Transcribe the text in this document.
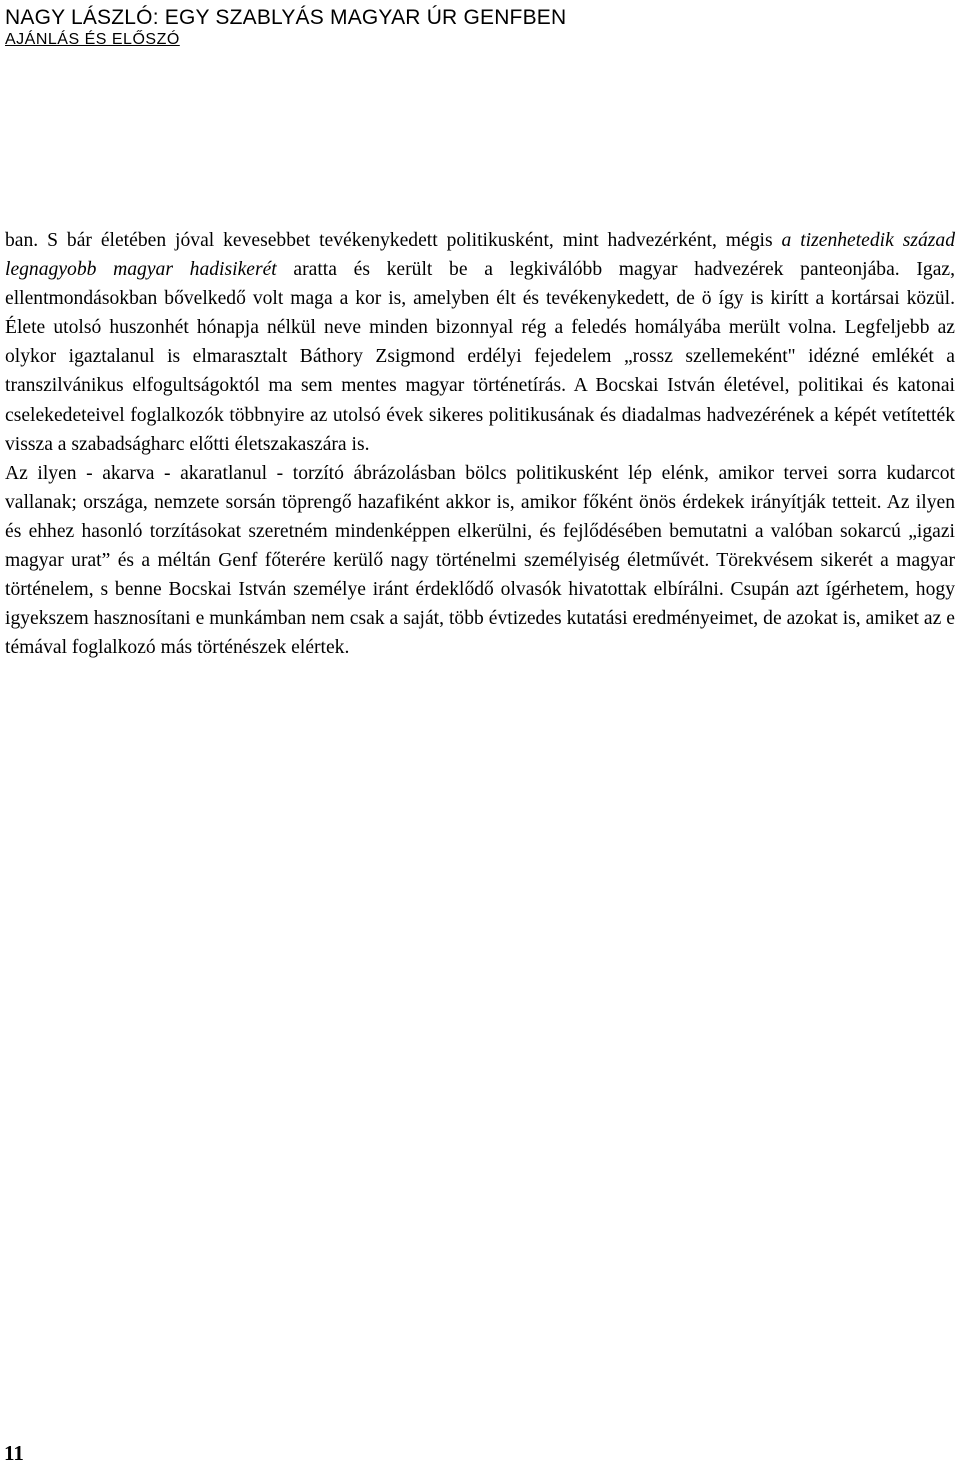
NAGY LÁSZLÓ: EGY SZABLYÁS MAGYAR ÚR GENFBEN
AJÁNLÁS ÉS ELŐSZÓ

ban. S bár életében jóval kevesebbet tevékenykedett politikusként, mint hadvezérként, mégis a tizenhetedik század legnagyobb magyar hadisikerét aratta és került be a legkiválóbb magyar hadvezérek panteonjába. Igaz, ellentmondásokban bővelkedő volt maga a kor is, amelyben élt és tevékenykedett, de ö így is kirítt a kortársai közül. Élete utolsó huszonhét hónapja nélkül neve minden bizonnyal rég a feledés homályába merült volna. Legfeljebb az olykor igaztalanul is elmarasztalt Báthory Zsigmond erdélyi fejedelem „rossz szellemeként" idézné emlékét a transzilvánikus elfogultságoktól ma sem mentes magyar történetírás. A Bocskai István életével, politikai és katonai cselekedeteivel foglalkozók többnyire az utolsó évek sikeres politikusának és diadalmas hadvezérének a képét vetítették vissza a szabadságharc előtti életszakaszára is.

Az ilyen - akarva - akaratlanul - torzító ábrázolásban bölcs politikusként lép elénk, amikor tervei sorra kudarcot vallanak; országa, nemzete sorsán töprengő hazafiként akkor is, amikor főként önös érdekek irányítják tetteit. Az ilyen és ehhez hasonló torzításokat szeretném mindenképpen elkerülni, és fejlődésében bemutatni a valóban sokarcú „igazi magyar urat” és a méltán Genf főterére kerülő nagy történelmi személyiség életművét. Törekvésem sikerét a magyar történelem, s benne Bocskai István személye iránt érdeklődő olvasók hivatottak elbírálni. Csupán azt ígérhetem, hogy igyekszem hasznosítani e munkámban nem csak a saját, több évtizedes kutatási eredményeimet, de azokat is, amiket az e témával foglalkozó más történészek elértek.

11
